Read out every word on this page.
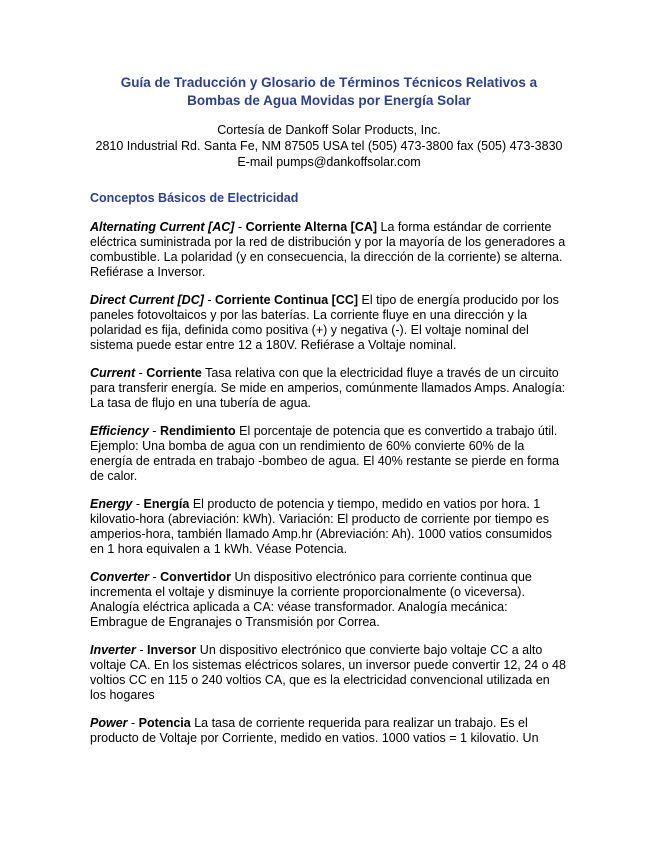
Guía de Traducción y Glosario de Términos Técnicos Relativos a
Bombas de Agua Movidas por Energía Solar
Cortesía de Dankoff Solar Products, Inc.
2810 Industrial Rd. Santa Fe, NM 87505 USA tel (505) 473-3800 fax (505) 473-3830 E-mail pumps@dankoffsolar.com
Conceptos Básicos de Electricidad

Alternating Current [AC] - Corriente Alterna [CA] La forma estándar de corriente eléctrica suministrada por la red de distribución y por la mayoría de los generadores a combustible. La polaridad (y en consecuencia, la dirección de la corriente) se alterna. Refiérase a Inversor.

Direct Current [DC] - Corriente Continua [CC] El tipo de energía producido por los paneles fotovoltaicos y por las baterías. La corriente fluye en una dirección y la polaridad es fija, definida como positiva (+) y negativa (-). El voltaje nominal del sistema puede estar entre 12 a 180V. Refiérase a Voltaje nominal.

Current - Corriente Tasa relativa con que la electricidad fluye a través de un circuito para transferir energía. Se mide en amperios, comúnmente llamados Amps. Analogía: La tasa de flujo en una tubería de agua.

Efficiency - Rendimiento El porcentaje de potencia que es convertido a trabajo útil. Ejemplo: Una bomba de agua con un rendimiento de 60% convierte 60% de la energía de entrada en trabajo -bombeo de agua. El 40% restante se pierde en forma de calor.

Energy - Energía El producto de potencia y tiempo, medido en vatios por hora. 1 kilovatio-hora (abreviación: kWh). Variación: El producto de corriente por tiempo es amperios-hora, también llamado Amp.hr (Abreviación: Ah). 1000 vatios consumidos en 1 hora equivalen a 1 kWh. Véase Potencia.

Converter - Convertidor Un dispositivo electrónico para corriente continua que incrementa el voltaje y disminuye la corriente proporcionalmente (o viceversa). Analogía eléctrica aplicada a CA: véase transformador. Analogía mecánica: Embrague de Engranajes o Transmisión por Correa.

Inverter - Inversor Un dispositivo electrónico que convierte bajo voltaje CC a alto voltaje CA. En los sistemas eléctricos solares, un inversor puede convertir 12, 24 o 48 voltios CC en 115 o 240 voltios CA, que es la electricidad convencional utilizada en los hogares

Power - Potencia La tasa de corriente requerida para realizar un trabajo. Es el producto de Voltaje por Corriente, medido en vatios. 1000 vatios = 1 kilovatio. Un
